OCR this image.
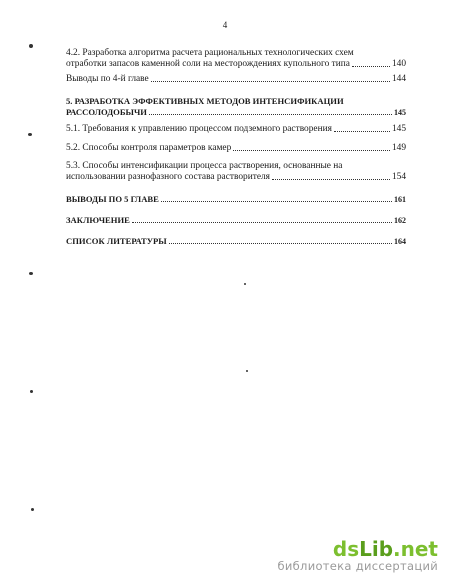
4
4.2. Разработка алгоритма расчета рациональных технологических схем
отработки запасов каменной соли на месторождениях купольного типа	140
Выводы по 4-й главе	144
5. РАЗРАБОТКА ЭФФЕКТИВНЫХ МЕТОДОВ ИНТЕНСИФИКАЦИИ
РАССОЛОДОБЫЧИ	145
5.1. Требования к управлению процессом подземного растворения	145
5.2. Способы контроля параметров камер	149
5.3. Способы интенсификации процесса растворения, основанные на
использовании разнофазного состава растворителя	154
ВЫВОДЫ ПО 5 ГЛАВЕ	161
ЗАКЛЮЧЕНИЕ	162
СПИСОК ЛИТЕРАТУРЫ	164
dsLib.net
библиотека диссертаций
